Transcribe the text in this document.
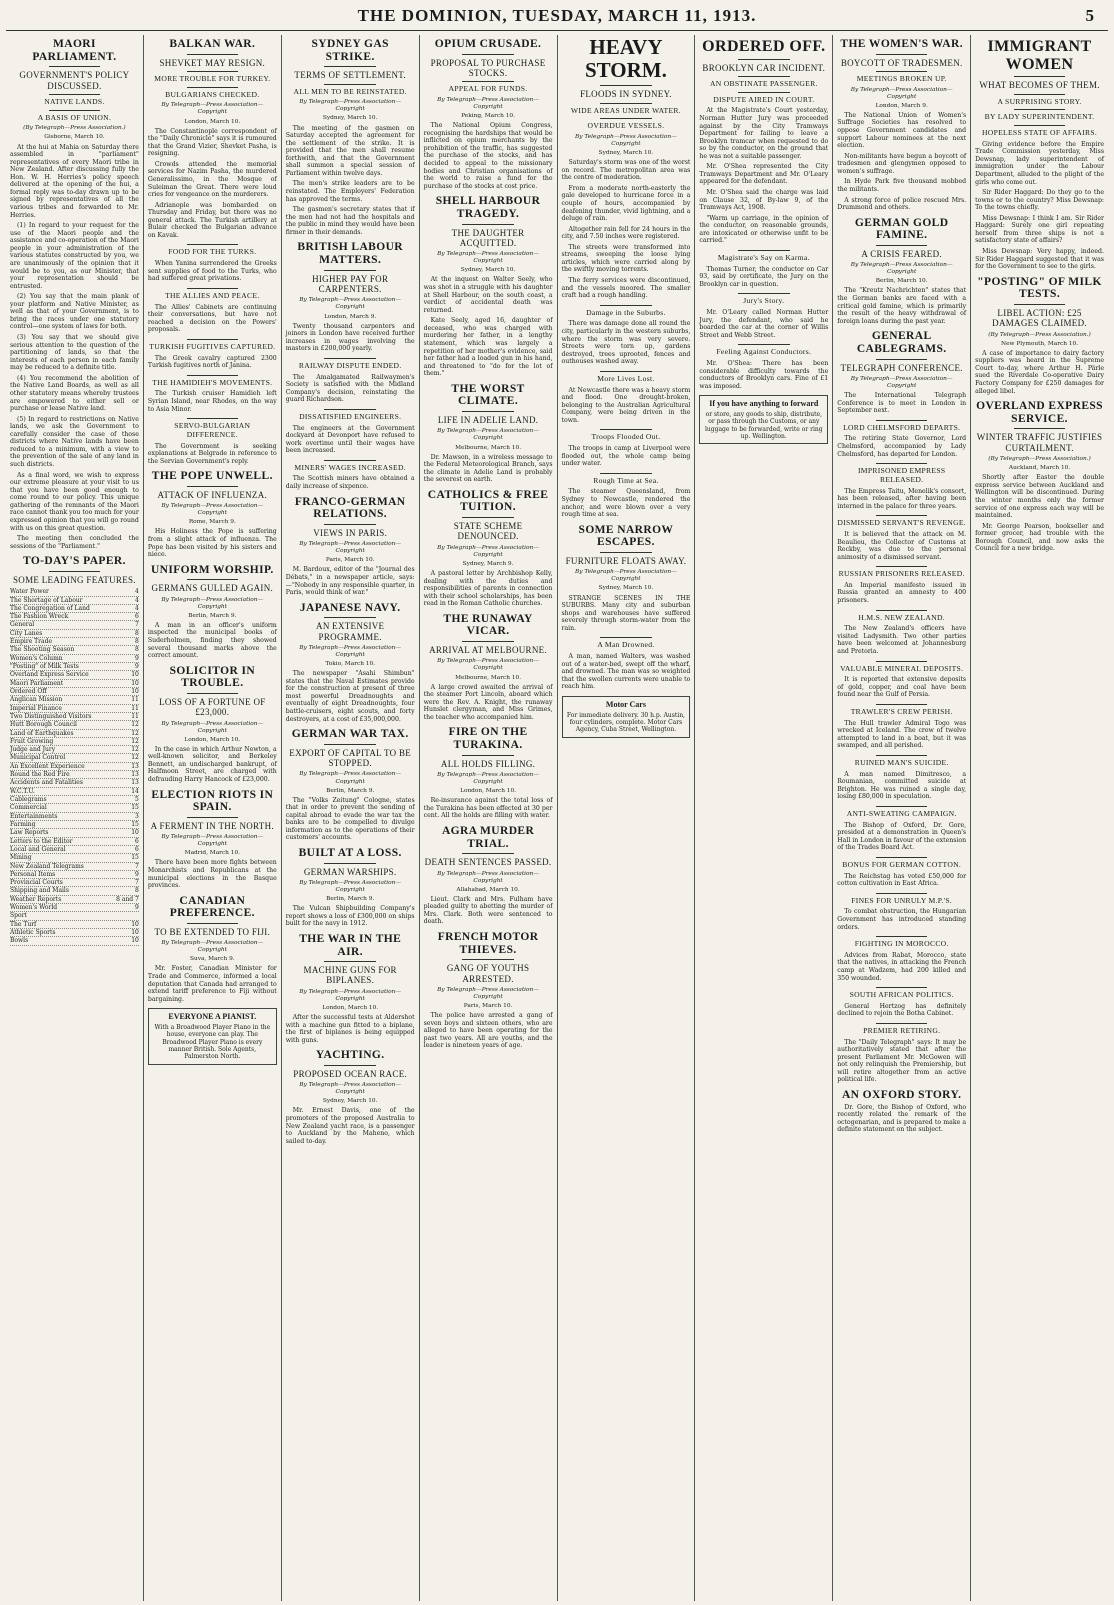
THE DOMINION, TUESDAY, MARCH 11, 1913.	5
MAORI PARLIAMENT.
GOVERNMENT'S POLICY DISCUSSED.
NATIVE LANDS.
A BASIS OF UNION.
(By Telegraph—Press Association.)
Gisborne, March 10.

At the hui at Mahia on Saturday there assembled in "parliament" representatives of every Maori tribe in New Zealand. After discussing fully the Hon. W. H. Herries's policy speech delivered at the opening of the hui, a formal reply was to-day drawn up to be signed by representatives of all the various tribes and forwarded to Mr. Herries.

(1) In regard to your request for the use of the Maori people and the assistance and co-operation of the Maori people in your administration of the various statutes constructed by you, we are unanimously of the opinion that it would be to you, as our Minister, that your representation should be entrusted.

(2) You say that the main plank of your platform and Native Minister, as well as that of your Government, is to bring the races under one statutory control—one system of laws for both.

(3) You say that we should give serious attention to the question of the partitioning of lands, so that the interests of each person in each family may be reduced to a definite title.

(4) You recommend the abolition of the Native Land Boards, as well as all other statutory means whereby trustees are empowered to either sell or purchase or lease Native land.

(5) In regard to restrictions on Native lands, we ask the Government to carefully consider the case of those districts where Native lands have been reduced to a minimum, with a view to the prevention of the sale of any land in such districts.

As a final word, we wish to express our extreme pleasure at your visit to us that you have been good enough to come round to our policy. This unique gathering of the remnants of the Maori race cannot thank you too much for your expressed opinion that you will go round with us on this great question.

The meeting then concluded the sessions of the "Parliament."

TO-DAY'S PAPER.
SOME LEADING FEATURES.
Water Power	4
The Shortage of Labour	4
The Congregation of Land	4
The Fashion Wreck	6
General	7
City Lanes	8
Empire Trade	8
The Shooting Season	8
Women's Column	9
"Posting" of Milk Tests	9
Overland Express Service	10
Maori Parliament	10
Ordered Off	10
Anglican Mission	11
Imperial Finance	11
Two Distinguished Visitors	11
Hutt Borough Council	12
Land of Earthquakes	12
Fruit Growing	12
Judge and Jury	12
Municipal Control	12
An Excellent Experience	13
Round the Red Fire	13
Accidents and Fatalities	13
W.C.T.U.	14
Cablegrams	5
Commercial	15
Entertainments	3
Farming	15
Law Reports	10
Letters to the Editor	6
Local and General	6
Mining	15
New Zealand Telegrams	7
Personal Items	9
Provincial Courts	7
Shipping and Mails	8
Weather Reports	8 and 7
Women's World	9
Sport
The Turf	10
Athletic Sports	10
Bowls	10
BALKAN WAR.
SHEVKET MAY RESIGN.
MORE TROUBLE FOR TURKEY.
BULGARIANS CHECKED.
By Telegraph—Press Association—Copyright
London, March 10.

The Constantinople correspondent of the "Daily Chronicle" says it is rumoured that the Grand Vizier, Shevket Pasha, is resigning.

Crowds attended the memorial services for Nazim Pasha, the murdered Generalissimo, in the Mosque of Suleiman the Great. There were loud cries for vengeance on the murderers.

Adrianople was bombarded on Thursday and Friday, but there was no general attack. The Turkish artillery at Bulair checked the Bulgarian advance on Kavak.

FOOD FOR THE TURKS.

When Yanina surrendered the Greeks sent supplies of food to the Turks, who had suffered great privations.

THE ALLIES AND PEACE.

The Allies' Cabinets are continuing their conversations, but have not reached a decision on the Powers' proposals.

TURKISH FUGITIVES CAPTURED.

The Greek cavalry captured 2300 Turkish fugitives north of Janina.

THE HAMIDIEH'S MOVEMENTS.

The Turkish cruiser Hamidieh left Syrian Island, near Rhodes, on the way to Asia Minor.

SERVO-BULGARIAN DIFFERENCE.

The Government is seeking explanations at Belgrade in reference to the Servian Government's reply.

THE POPE UNWELL.
ATTACK OF INFLUENZA.
By Telegraph—Press Association—Copyright
Rome, March 9.

His Holiness the Pope is suffering from a slight attack of influenza. The Pope has been visited by his sisters and niece.

UNIFORM WORSHIP.
GERMANS GULLED AGAIN.
By Telegraph—Press Association—Copyright
Berlin, March 9.

A man in an officer's uniform inspected the municipal books of Suderholmen, finding they showed several thousand marks above the correct amount.

SOLICITOR IN TROUBLE.
LOSS OF A FORTUNE OF £23,000.
By Telegraph—Press Association—Copyright
London, March 10.

In the case in which Arthur Newton, a well-known solicitor, and Berkeley Bennett, an undischarged bankrupt, of Halfmoon Street, are charged with defrauding Harry Hancock of £23,000.

ELECTION RIOTS IN SPAIN.
A FERMENT IN THE NORTH.
By Telegraph—Press Association—Copyright
Madrid, March 10.

There have been more fights between Monarchists and Republicans at the municipal elections in the Basque provinces.

CANADIAN PREFERENCE.
TO BE EXTENDED TO FIJI.
By Telegraph—Press Association—Copyright
Suva, March 9.

Mr. Foster, Canadian Minister for Trade and Commerce, informed a local deputation that Canada had arranged to extend tariff preference to Fiji without bargaining.

EVERYONE A PIANIST.
With a Broadwood Player Piano in the house, everyone can play. The Broadwood Player Piano is every manner British. Sole Agents, Palmerston North.
SYDNEY GAS STRIKE.
TERMS OF SETTLEMENT.
ALL MEN TO BE REINSTATED.
By Telegraph—Press Association—Copyright
Sydney, March 10.

The meeting of the gasmen on Saturday accepted the agreement for the settlement of the strike. It is provided that the men shall resume forthwith, and that the Government shall summon a special session of Parliament within twelve days.

The men's strike leaders are to be reinstated. The Employers' Federation has approved the terms.

The gasmen's secretary states that if the men had not had the hospitals and the public in mind they would have been firmer in their demands.

BRITISH LABOUR MATTERS.
HIGHER PAY FOR CARPENTERS.
By Telegraph—Press Association—Copyright
London, March 9.

Twenty thousand carpenters and joiners in London have received further increases in wages involving the masters in £200,000 yearly.

RAILWAY DISPUTE ENDED.

The Amalgamated Railwaymen's Society is satisfied with the Midland Company's decision, reinstating the guard Richardson.

DISSATISFIED ENGINEERS.

The engineers at the Government dockyard at Devonport have refused to work overtime until their wages have been increased.

MINERS' WAGES INCREASED.

The Scottish miners have obtained a daily increase of sixpence.

FRANCO-GERMAN RELATIONS.
VIEWS IN PARIS.
By Telegraph—Press Association—Copyright
Paris, March 10.

M. Bardoux, editor of the "Journal des Débats," in a newspaper article, says:—"Nobody in any responsible quarter, in Paris, would think of war."

JAPANESE NAVY.
AN EXTENSIVE PROGRAMME.
By Telegraph—Press Association—Copyright
Tokio, March 10.

The newspaper "Asahi Shimbun" states that the Naval Estimates provide for the construction at present of three most powerful Dreadnoughts and eventually of eight Dreadnoughts, four battle-cruisers, eight scouts, and forty destroyers, at a cost of £35,000,000.

GERMAN WAR TAX.
EXPORT OF CAPITAL TO BE STOPPED.
By Telegraph—Press Association—Copyright
Berlin, March 9.

The "Volks Zeitung" Cologne, states that in order to prevent the sending of capital abroad to evade the war tax the banks are to be compelled to divulge information as to the operations of their customers' accounts.

BUILT AT A LOSS.
GERMAN WARSHIPS.
By Telegraph—Press Association—Copyright
Berlin, March 9.

The Vulcan Shipbuilding Company's report shows a loss of £300,000 on ships built for the navy in 1912.

THE WAR IN THE AIR.
MACHINE GUNS FOR BIPLANES.
By Telegraph—Press Association—Copyright
London, March 10.

After the successful tests at Aldershot with a machine gun fitted to a biplane, the first of biplanes is being equipped with guns.

YACHTING.
PROPOSED OCEAN RACE.
By Telegraph—Press Association—Copyright
Sydney, March 10.

Mr. Ernest Davis, one of the promoters of the proposed Australia to New Zealand yacht race, is a passenger to Auckland by the Maheno, which sailed to-day.

OPIUM CRUSADE.
PROPOSAL TO PURCHASE STOCKS.
APPEAL FOR FUNDS.
By Telegraph—Press Association—Copyright
Peking, March 10.

The National Opium Congress, recognising the hardships that would be inflicted on opium merchants by the prohibition of the traffic, has suggested the purchase of the stocks, and has decided to appeal to the missionary bodies and Christian organisations of the world to raise a fund for the purchase of the stocks at cost price.

SHELL HARBOUR TRAGEDY.
THE DAUGHTER ACQUITTED.
By Telegraph—Press Association—Copyright
Sydney, March 10.

At the inquest on Walter Seely, who was shot in a struggle with his daughter at Shell Harbour, on the south coast, a verdict of accidental death was returned.

Kate Seely, aged 16, daughter of deceased, who was charged with murdering her father, in a lengthy statement, which was largely a repetition of her mother's evidence, said her father had a loaded gun in his hand, and threatened to "do for the lot of them."

THE WORST CLIMATE.
LIFE IN ADELIE LAND.
By Telegraph—Press Association—Copyright
Melbourne, March 10.

Dr. Mawson, in a wireless message to the Federal Meteorological Branch, says the climate in Adelie Land is probably the severest on earth.

CATHOLICS & FREE TUITION.
STATE SCHEME DENOUNCED.
By Telegraph—Press Association—Copyright
Sydney, March 9.

A pastoral letter by Archbishop Kelly, dealing with the duties and responsibilities of parents in connection with their school scholarships, has been read in the Roman Catholic churches.

THE RUNAWAY VICAR.
ARRIVAL AT MELBOURNE.
By Telegraph—Press Association—Copyright
Melbourne, March 10.

A large crowd awaited the arrival of the steamer Port Lincoln, aboard which were the Rev. A. Knight, the runaway Hunslet clergyman, and Miss Grimes, the teacher who accompanied him.

FIRE ON THE TURAKINA.
ALL HOLDS FILLING.
By Telegraph—Press Association—Copyright
London, March 10.

Re-insurance against the total loss of the Turakina has been effected at 30 per cent. All the holds are filling with water.

AGRA MURDER TRIAL.
DEATH SENTENCES PASSED.
By Telegraph—Press Association—Copyright
Allahabad, March 10.

Lieut. Clark and Mrs. Fulham have pleaded guilty to abetting the murder of Mrs. Clark. Both were sentenced to death.

FRENCH MOTOR THIEVES.
GANG OF YOUTHS ARRESTED.
By Telegraph—Press Association—Copyright
Paris, March 10.

The police have arrested a gang of seven boys and sixteen others, who are alleged to have been operating for the past two years. All are youths, and the leader is nineteen years of age.

HEAVY STORM.
FLOODS IN SYDNEY.
WIDE AREAS UNDER WATER.
OVERDUE VESSELS.
By Telegraph—Press Association—Copyright
Sydney, March 10.

Saturday's storm was one of the worst on record. The metropolitan area was the centre of moderation.

From a moderate north-easterly the gale developed to hurricane force in a couple of hours, accompanied by deafening thunder, vivid lightning, and a deluge of rain.

Altogether rain fell for 24 hours in the city, and 7.50 inches were registered.

The streets were transformed into streams, sweeping the loose lying articles, which were carried along by the swiftly moving torrents.

The ferry services were discontinued, and the vessels moored. The smaller craft had a rough handling.

Damage in the Suburbs.

There was damage done all round the city, particularly in the western suburbs, where the storm was very severe. Streets were torn up, gardens destroyed, trees uprooted, fences and outhouses washed away.

More Lives Lost.

At Newcastle there was a heavy storm and flood. One drought-broken, belonging to the Australian Agricultural Company, were being driven in the town.

Troops Flooded Out.

The troops in camp at Liverpool were flooded out, the whole camp being under water.

Rough Time at Sea.

The steamer Queensland, from Sydney to Newcastle, rendered the anchor, and were blown over a very rough time at sea.

SOME NARROW ESCAPES.
FURNITURE FLOATS AWAY.
By Telegraph—Press Association—Copyright
Sydney, March 10.

STRANGE SCENES IN THE SUBURBS. Many city and suburban shops and warehouses have suffered severely through storm-water from the rain.

A Man Drowned.

A man, named Walters, was washed out of a water-bed, swept off the wharf, and drowned. The man was so weighted that the swollen currents were unable to reach him.

Motor Cars
For immediate delivery. 30 h.p. Austin, four cylinders, complete. Motor Cars Agency, Cuba Street, Wellington.
ORDERED OFF.
BROOKLYN CAR INCIDENT.
AN OBSTINATE PASSENGER.
DISPUTE AIRED IN COURT.

At the Magistrate's Court yesterday, Norman Hutter Jury was proceeded against by the City Tramways Department for failing to leave a Brooklyn tramcar when requested to do so by the conductor, on the ground that he was not a suitable passenger.

Mr. O'Shea represented the City Tramways Department and Mr. O'Leary appeared for the defendant.

Mr. O'Shea said the charge was laid on Clause 32, of By-law 9, of the Tramways Act, 1908.

"Warm up carriage, in the opinion of the conductor, on reasonable grounds, are intoxicated or otherwise unfit to be carried."

Magistrate's Say on Karma.

Thomas Turner, the conductor on Car 93, said by certificate, the Jury on the Brooklyn car in question.

Jury's Story.

Mr. O'Leary called Norman Hutter Jury, the defendant, who said he boarded the car at the corner of Willis Street and Webb Street.

Feeling Against Conductors.

Mr. O'Shea: There has been considerable difficulty towards the conductors of Brooklyn cars. Fine of £1 was imposed.

If you have anything to forward
or store, any goods to ship, distribute, or pass through the Customs, or any luggage to be forwarded, write or ring up. Wellington.
THE WOMEN'S WAR.
BOYCOTT OF TRADESMEN.
MEETINGS BROKEN UP.
By Telegraph—Press Association—Copyright
London, March 9.

The National Union of Women's Suffrage Societies has resolved to oppose Government candidates and support Labour nominees at the next election.

Non-militants have begun a boycott of tradesmen and glengymen opposed to women's suffrage.

In Hyde Park five thousand mobbed the militants.

A strong force of police rescued Mrs. Drummond and others.

GERMAN GOLD FAMINE.
A CRISIS FEARED.
By Telegraph—Press Association—Copyright
Berlin, March 10.

The "Kreutz Nachrichten" states that the German banks are faced with a critical gold famine, which is primarily the result of the heavy withdrawal of foreign loans during the past year.

GENERAL CABLEGRAMS.
TELEGRAPH CONFERENCE.
By Telegraph—Press Association—Copyright

The International Telegraph Conference is to meet in London in September next.

LORD CHELMSFORD DEPARTS.

The retiring State Governor, Lord Chelmsford, accompanied by Lady Chelmsford, has departed for London.

IMPRISONED EMPRESS RELEASED.

The Empress Taitu, Menelik's consort, has been released, after having been interned in the palace for three years.

DISMISSED SERVANT'S REVENGE.

It is believed that the attack on M. Beaulieu, the Collector of Customs at Reckby, was due to the personal animosity of a dismissed servant.

RUSSIAN PRISONERS RELEASED.

An Imperial manifesto issued in Russia granted an amnesty to 400 prisoners.

H.M.S. NEW ZEALAND.

The New Zealand's officers have visited Ladysmith. Two other parties have been welcomed at Johannesburg and Pretoria.

VALUABLE MINERAL DEPOSITS.

It is reported that extensive deposits of gold, copper, and coal have been found near the Gulf of Persia.

TRAWLER'S CREW PERISH.

The Hull trawler Admiral Togo was wrecked at Iceland. The crew of twelve attempted to land in a boat, but it was swamped, and all perished.

RUINED MAN'S SUICIDE.

A man named Dimitresco, a Roumanian, committed suicide at Brighton. He was ruined a single day, losing £80,000 in speculation.

ANTI-SWEATING CAMPAIGN.

The Bishop of Oxford, Dr. Gore, presided at a demonstration in Queen's Hall in London in favour of the extension of the Trades Board Act.

BONUS FOR GERMAN COTTON.

The Reichstag has voted £50,000 for cotton cultivation in East Africa.

FINES FOR UNRULY M.P.'S.

To combat obstruction, the Hungarian Government has introduced standing orders.

FIGHTING IN MOROCCO.

Advices from Rabat, Morocco, state that the natives, in attacking the French camp at Wadzem, had 200 killed and 350 wounded.

SOUTH AFRICAN POLITICS.

General Hertzog has definitely declined to rejoin the Botha Cabinet.

PREMIER RETIRING.

The "Daily Telegraph" says: It may be authoritatively stated that after the present Parliament Mr. McGowen will not only relinquish the Premiership, but will retire altogether from an active political life.

AN OXFORD STORY.

Dr. Gore, the Bishop of Oxford, who recently related the remark of the octogenarian, and is prepared to make a definite statement on the subject.

IMMIGRANT WOMEN
WHAT BECOMES OF THEM.
A SURPRISING STORY.
BY LADY SUPERINTENDENT.
HOPELESS STATE OF AFFAIRS.

Giving evidence before the Empire Trade Commission yesterday, Miss Dewsnap, lady superintendent of immigration under the Labour Department, alluded to the plight of the girls who come out.

Sir Rider Haggard: Do they go to the towns or to the country? Miss Dewsnap: To the towns chiefly.

Miss Dewsnap: I think I am. Sir Rider Haggard: Surely one girl repeating herself from three ships is not a satisfactory state of affairs?

Miss Dewsnap: Very happy, indeed. Sir Rider Haggard suggested that it was for the Government to see to the girls.

"POSTING" OF MILK TESTS.
LIBEL ACTION: £25 DAMAGES CLAIMED.
(By Telegraph—Press Association.)
New Plymouth, March 10.

A case of importance to dairy factory suppliers was heard in the Supreme Court to-day, where Arthur H. Pärle sued the Riverdale Co-operative Dairy Factory Company for £250 damages for alleged libel.

OVERLAND EXPRESS SERVICE.
WINTER TRAFFIC JUSTIFIES CURTAILMENT.
(By Telegraph—Press Association.)
Auckland, March 10.

Shortly after Easter the double express service between Auckland and Wellington will be discontinued. During the winter months only the former service of one express each way will be maintained.

Mr. George Pearson, bookseller and former grocer, had trouble with the Borough Council, and now asks the Council for a new bridge.
